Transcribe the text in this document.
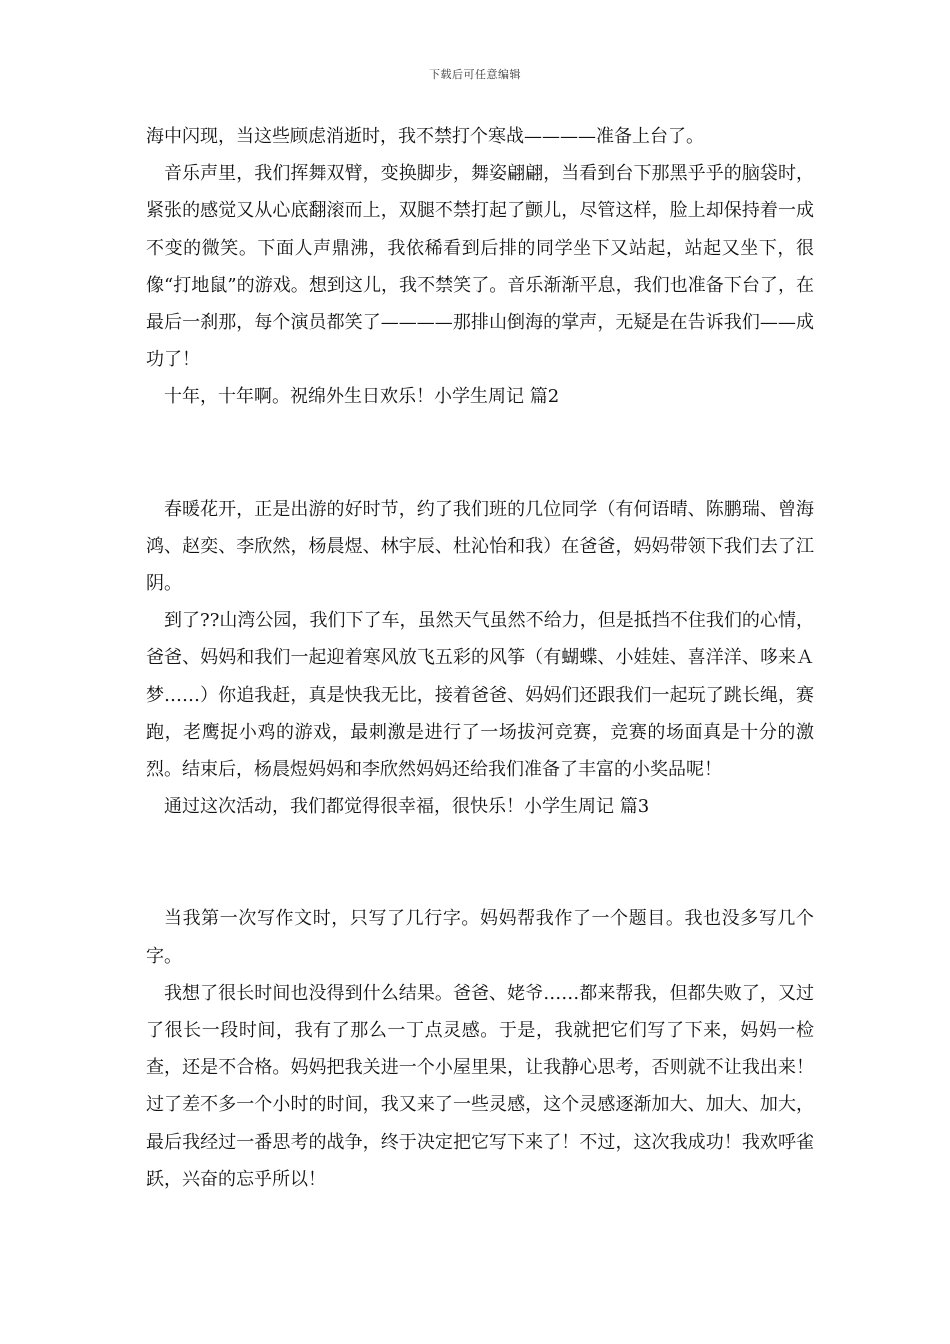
下载后可任意编辑

海中闪现，当这些顾虑消逝时，我不禁打个寒战————准备上台了。

音乐声里，我们挥舞双臂，变换脚步，舞姿翩翩，当看到台下那黑乎乎的脑袋时，紧张的感觉又从心底翻滚而上，双腿不禁打起了颤儿，尽管这样，脸上却保持着一成不变的微笑。下面人声鼎沸，我依稀看到后排的同学坐下又站起，站起又坐下，很像“打地鼠”的游戏。想到这儿，我不禁笑了。音乐渐渐平息，我们也准备下台了，在最后一刹那，每个演员都笑了————那排山倒海的掌声，无疑是在告诉我们——成功了！

十年，十年啊。祝绵外生日欢乐！小学生周记 篇2

春暖花开，正是出游的好时节，约了我们班的几位同学（有何语晴、陈鹏瑞、曾海鸿、赵奕、李欣然，杨晨煜、林宇辰、杜沁怡和我）在爸爸，妈妈带领下我们去了江阴。

到了??山湾公园，我们下了车，虽然天气虽然不给力，但是抵挡不住我们的心情，爸爸、妈妈和我们一起迎着寒风放飞五彩的风筝（有蝴蝶、小娃娃、喜洋洋、哆来Ａ梦……）你追我赶，真是快我无比，接着爸爸、妈妈们还跟我们一起玩了跳长绳，赛跑，老鹰捉小鸡的游戏，最刺激是进行了一场拔河竞赛，竞赛的场面真是十分的激烈。结束后，杨晨煜妈妈和李欣然妈妈还给我们准备了丰富的小奖品呢！

通过这次活动，我们都觉得很幸福，很快乐！小学生周记 篇3

当我第一次写作文时，只写了几行字。妈妈帮我作了一个题目。我也没多写几个字。

我想了很长时间也没得到什么结果。爸爸、姥爷……都来帮我，但都失败了，又过了很长一段时间，我有了那么一丁点灵感。于是，我就把它们写了下来，妈妈一检查，还是不合格。妈妈把我关进一个小屋里果，让我静心思考，否则就不让我出来！过了差不多一个小时的时间，我又来了一些灵感，这个灵感逐渐加大、加大、加大，最后我经过一番思考的战争，终于决定把它写下来了！不过，这次我成功！我欢呼雀跃，兴奋的忘乎所以！
